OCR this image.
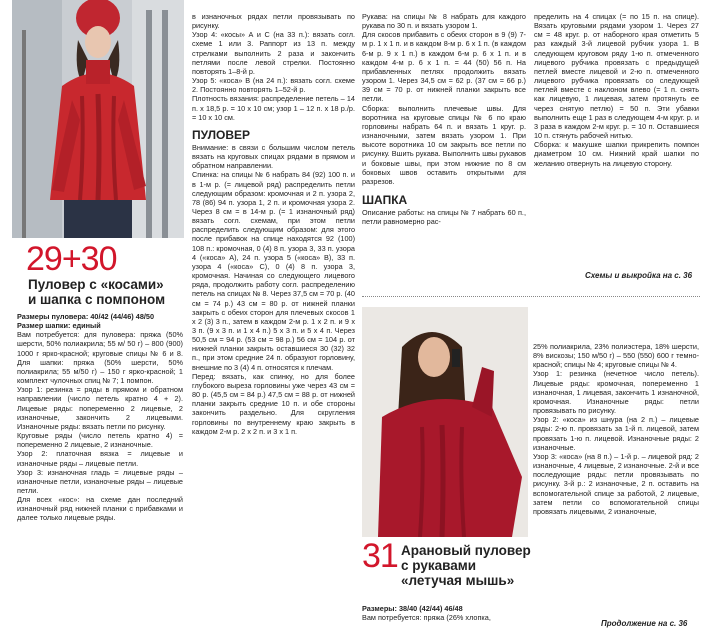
29+30
Пуловер с «косами»
и шапка с помпоном

Размеры пуловера: 40/42 (44/46) 48/50

Размер шапки: единый

Вам потребуется: для пуловера: пряжа (50% шерсти, 50% полиакрила; 55 м/ 50 г) – 800 (900) 1000 г ярко-красной; круговые спицы № 6 и 8. Для шапки: пряжа (50% шерсти, 50% полиакрила; 55 м/50 г) – 150 г ярко-красной; 1 комплект чулочных спиц № 7; 1 помпон.

Узор 1: резинка = ряды в прямом и обратном направлении (число петель кратно 4 + 2). Лицевые ряды: попеременно 2 лицевые, 2 изнаночные, закончить 2 лицевыми. Изнаночные ряды: вязать петли по рисунку.

Круговые ряды (число петель кратно 4) = попеременно 2 лицевые, 2 изнаночные.

Узор 2: платочная вязка = лицевые и изнаночные ряды – лицевые петли.

Узор 3: изнаночная гладь = лицевые ряды – изнаночные петли, изнаночные ряды – лицевые петли.

Для всех «кос»: на схеме дан последний изнаночный ряд нижней планки с прибавками и далее только лицевые ряды.

в изнаночных рядах петли провязывать по рисунку.

Узор 4: «косы» А и С (на 33 п.): вязать согл. схеме 1 или 3. Раппорт из 13 п. между стрелками выполнить 2 раза и закончить петлями после левой стрелки. Постоянно повторять 1–8-й р.

Узор 5: «коса» В (на 24 п.): вязать согл. схеме 2. Постоянно повторять 1–52-й р.

Плотность вязания: распределение петель – 14 п. х 18,5 р. = 10 х 10 см; узор 1 – 12 п. х 18 р./р. = 10 х 10 см.

ПУЛОВЕР

Внимание: в связи с большим числом петель вязать на круговых спицах рядами в прямом и обратном направлении.

Спинка: на спицы № 6 набрать 84 (92) 100 п. и в 1-м р. (= лицевой ряд) распределить петли следующим образом: кромочная и 2 п. узора 2, 78 (86) 94 п. узора 1, 2 п. и кромочная узора 2. Через 8 см = в 14-м р. (= 1 изнаночный ряд) вязать согл. схемам, при этом петли распределить следующим образом: для этого после прибавок на спице находятся 92 (100) 108 п.: кромочная, 0 (4) 8 п. узора 3, 33 п. узора 4 («коса» А), 24 п. узора 5 («коса» В), 33 п. узора 4 («коса» С), 0 (4) 8 п. узора 3, кромочная. Начиная со следующего лицевого ряда, продолжить работу согл. распределению петель на спицах № 8. Через 37,5 см = 70 р. (40 см = 74 р.) 43 см = 80 р. от нижней планки закрыть с обеих сторон для плечевых скосов 1 х 2 (3) 3 п., затем в каждом 2-м р. 1 х 2 п. и 9 х 3 п. (9 х 3 п. и 1 х 4 п.) 5 х 3 п. и 5 х 4 п. Через 50,5 см = 94 р. (53 см = 98 р.) 56 см = 104 р. от нижней планки закрыть оставшиеся 30 (32) 32 п., при этом средние 24 п. образуют горловину, внешние по 3 (4) 4 п. относятся к плечам.

Перед: вязать, как спинку, но для более глубокого выреза горловины уже через 43 см = 80 р. (45,5 см = 84 р.) 47,5 см = 88 р. от нижней планки закрыть средние 10 п. и обе стороны закончить раздельно. Для скругления горловины по внутреннему краю закрыть в каждом 2-м р. 2 х 2 п. и 3 х 1 п.

Рукава: на спицы № 8 набрать для каждого рукава по 30 п. и вязать узором 1.

Для скосов прибавить с обеих сторон в 9 (9) 7-м р. 1 х 1 п. и в каждом 8-м р. 6 х 1 п. (в каждом 6-м р. 9 х 1 п.) в каждом 6-м р. 6 х 1 п. и в каждом 4-м р. 6 х 1 п. = 44 (50) 56 п. На прибавленных петлях продолжить вязать узором 1. Через 34,5 см = 62 р. (37 см = 66 р.) 39 см = 70 р. от нижней планки закрыть все петли.

Сборка: выполнить плечевые швы. Для воротника на круговые спицы № 6 по краю горловины набрать 64 п. и вязать 1 круг. р. изнаночными, затем вязать узором 1. При высоте воротника 10 см закрыть все петли по рисунку. Вшить рукава. Выполнить швы рукавов и боковые швы, при этом нижние по 8 см боковых швов оставить открытыми для разрезов.

ШАПКА

Описание работы: на спицы № 7 набрать 60 п., петли равномерно рас-

пределить на 4 спицах (= по 15 п. на спице). Вязать круговыми рядами узором 1. Через 27 см = 48 круг. р. от наборного края отметить 5 раз каждый 3-й лицевой рубчик узора 1. В следующем круговом ряду 1-ю п. отмеченного лицевого рубчика провязать с предыдущей петлей вместе лицевой и 2-ю п. отмеченного лицевого рубчика провязать со следующей петлей вместе с наклоном влево (= 1 п. снять как лицевую, 1 лицевая, затем протянуть ее через снятую петлю) = 50 п. Эти убавки выполнить еще 1 раз в следующем 4-м круг. р. и 3 раза в каждом 2-м круг. р. = 10 п. Оставшиеся 10 п. стянуть рабочей нитью.

Сборка: к макушке шапки прикрепить помпон диаметром 10 см. Нижний край шапки по желанию отвернуть на лицевую сторону.

Схемы и выкройка на с. 36
31 Арановый пуловер
с рукавами
«летучая мышь»

Размеры: 38/40 (42/44) 46/48

Вам потребуется: пряжа (26% хлопка,

25% полиакрила, 23% полиэстера, 18% шерсти, 8% вискозы; 150 м/50 г) – 550 (550) 600 г темно-красной; спицы № 4; круговые спицы № 4.

Узор 1: резинка (нечетное число петель). Лицевые ряды: кромочная, попеременно 1 изнаночная, 1 лицевая, закончить 1 изнаночной, кромочная. Изнаночные ряды: петли провязывать по рисунку.

Узор 2: «коса» из шнура (на 2 п.) – лицевые ряды: 2-ю п. провязать за 1-й п. лицевой, затем провязать 1-ю п. лицевой. Изнаночные ряды: 2 изнаночные.

Узор 3: «коса» (на 8 п.) – 1-й р. – лицевой ряд: 2 изнаночные, 4 лицевые, 2 изнаночные. 2-й и все последующие ряды: петли провязывать по рисунку. 3-й р.: 2 изнаночные, 2 п. оставить на вспомогательной спице за работой, 2 лицевые, затем петли со вспомогательной спицы провязать лицевыми, 2 изнаночные,

Продолжение на с. 36
